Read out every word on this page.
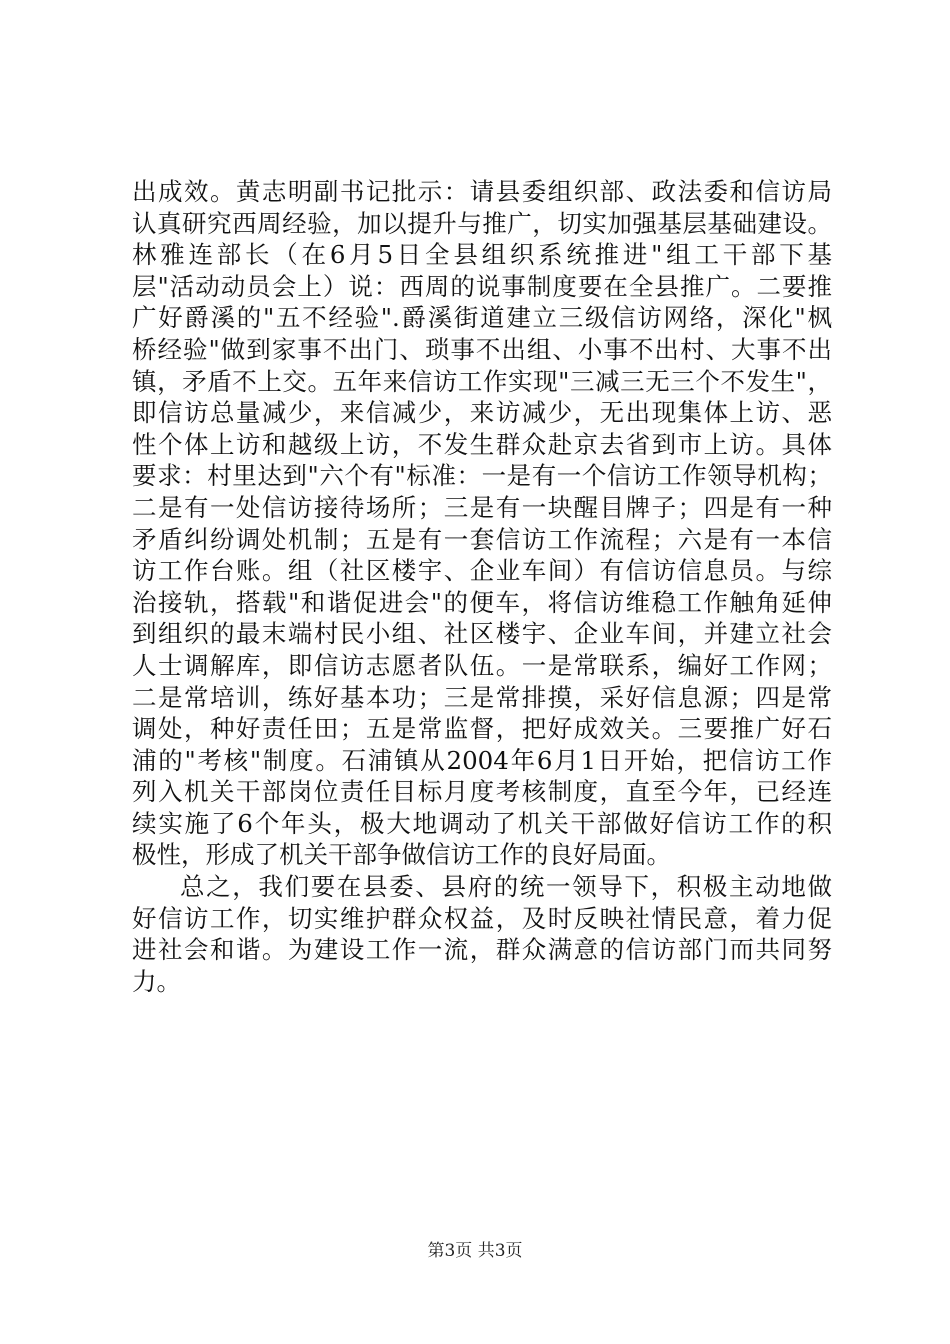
出成效。黄志明副书记批示：请县委组织部、政法委和信访局
认真研究西周经验，加以提升与推广，切实加强基层基础建设。
林雅连部长（在6月5日全县组织系统推进"组工干部下基
层"活动动员会上）说：西周的说事制度要在全县推广。二要推
广好爵溪的"五不经验".爵溪街道建立三级信访网络，深化"枫
桥经验"做到家事不出门、琐事不出组、小事不出村、大事不出
镇，矛盾不上交。五年来信访工作实现"三减三无三个不发生"，
即信访总量减少，来信减少，来访减少，无出现集体上访、恶
性个体上访和越级上访，不发生群众赴京去省到市上访。具体
要求：村里达到"六个有"标准：一是有一个信访工作领导机构；
二是有一处信访接待场所；三是有一块醒目牌子；四是有一种
矛盾纠纷调处机制；五是有一套信访工作流程；六是有一本信
访工作台账。组（社区楼宇、企业车间）有信访信息员。与综
治接轨，搭载"和谐促进会"的便车，将信访维稳工作触角延伸
到组织的最末端村民小组、社区楼宇、企业车间，并建立社会
人士调解库，即信访志愿者队伍。一是常联系，编好工作网；
二是常培训，练好基本功；三是常排摸，采好信息源；四是常
调处，种好责任田；五是常监督，把好成效关。三要推广好石
浦的"考核"制度。石浦镇从2004年6月1日开始，把信访工作
列入机关干部岗位责任目标月度考核制度，直至今年，已经连
续实施了6个年头，极大地调动了机关干部做好信访工作的积
极性，形成了机关干部争做信访工作的良好局面。
总之，我们要在县委、县府的统一领导下，积极主动地做
好信访工作，切实维护群众权益，及时反映社情民意，着力促
进社会和谐。为建设工作一流，群众满意的信访部门而共同努
力。
第3页 共3页
